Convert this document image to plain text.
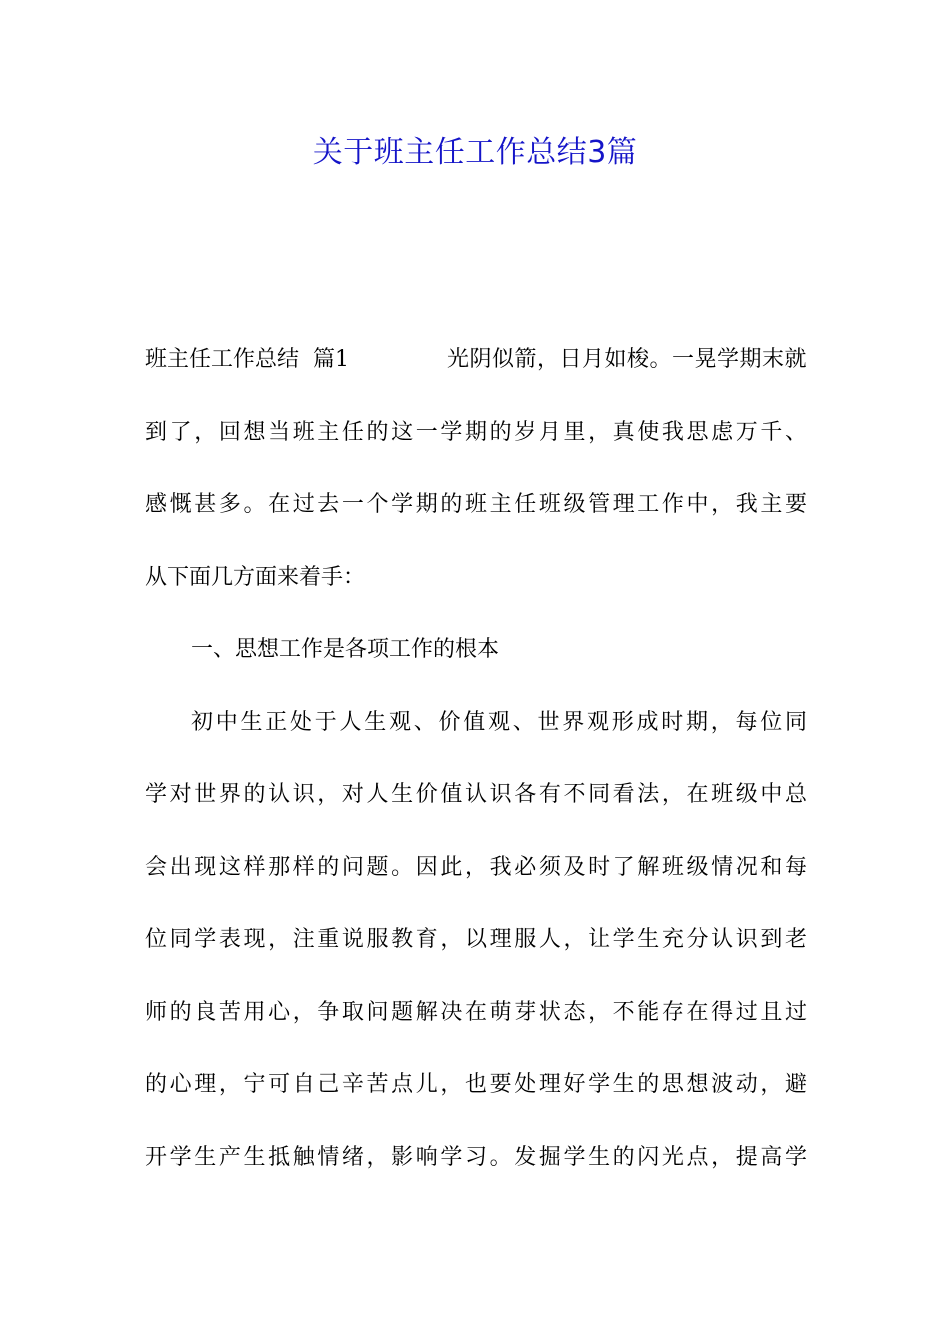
关于班主任工作总结3篇
班主任工作总结  篇1	光阴似箭，日月如梭。一晃学期末就
到了，回想当班主任的这一学期的岁月里，真使我思虑万千、
感慨甚多。在过去一个学期的班主任班级管理工作中，我主要
从下面几方面来着手：
一、思想工作是各项工作的根本
初中生正处于人生观、价值观、世界观形成时期，每位同
学对世界的认识，对人生价值认识各有不同看法，在班级中总
会出现这样那样的问题。因此，我必须及时了解班级情况和每
位同学表现，注重说服教育，以理服人，让学生充分认识到老
师的良苦用心，争取问题解决在萌芽状态，不能存在得过且过
的心理，宁可自己辛苦点儿，也要处理好学生的思想波动，避
开学生产生抵触情绪，影响学习。发掘学生的闪光点，提高学
